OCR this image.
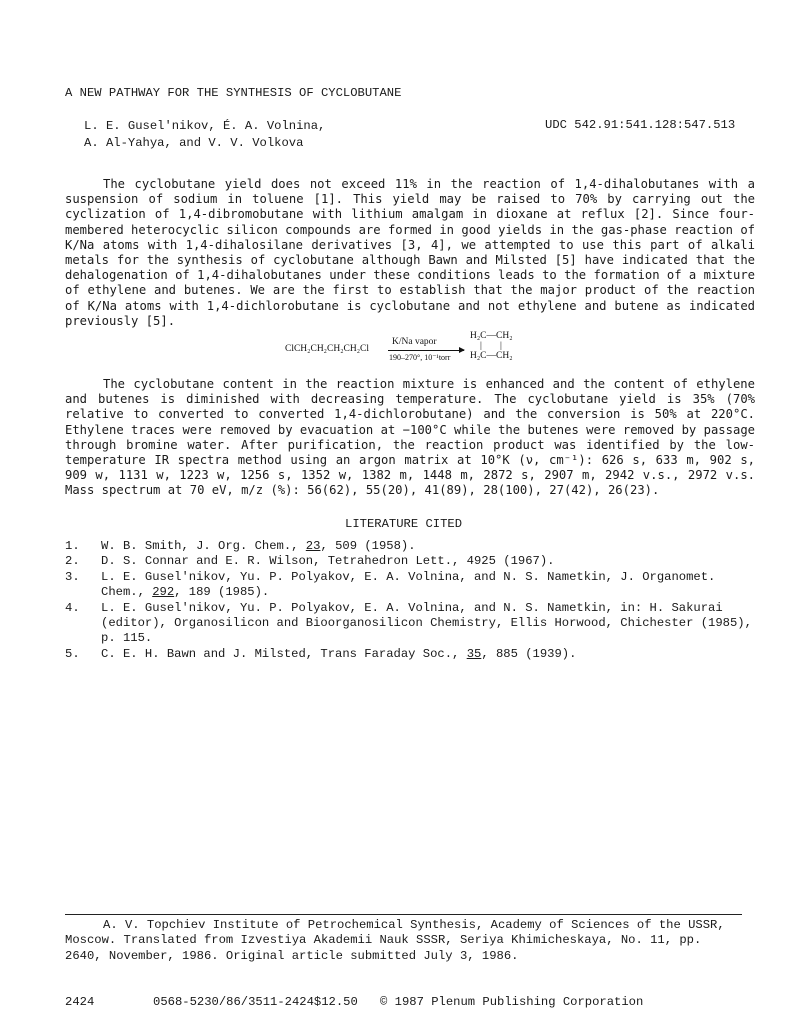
A NEW PATHWAY FOR THE SYNTHESIS OF CYCLOBUTANE
L. E. Gusel'nikov, É. A. Volnina,
A. Al-Yahya, and V. V. Volkova
UDC 542.91:541.128:547.513

The cyclobutane yield does not exceed 11% in the reaction of 1,4-dihalobutanes with a suspension of sodium in toluene [1]. This yield may be raised to 70% by carrying out the cyclization of 1,4-dibromobutane with lithium amalgam in dioxane at reflux [2]. Since four-membered heterocyclic silicon compounds are formed in good yields in the gas-phase reaction of K/Na atoms with 1,4-dihalosilane derivatives [3, 4], we attempted to use this part of alkali metals for the synthesis of cyclobutane although Bawn and Milsted [5] have indicated that the dehalogenation of 1,4-dihalobutanes under these conditions leads to the formation of a mixture of ethylene and butenes. We are the first to establish that the major product of the reaction of K/Na atoms with 1,4-dichlorobutane is cyclobutane and not ethylene and butene as indicated previously [5].

ClCH₂CH₂CH₂CH₂Cl
K/Na vapor
190–270°, 10⁻¹torr
H₂C—CH₂
| |
H₂C—CH₂

The cyclobutane content in the reaction mixture is enhanced and the content of ethylene and butenes is diminished with decreasing temperature. The cyclobutane yield is 35% (70% relative to converted to converted 1,4-dichlorobutane) and the conversion is 50% at 220°C. Ethylene traces were removed by evacuation at −100°C while the butenes were removed by passage through bromine water. After purification, the reaction product was identified by the low-temperature IR spectra method using an argon matrix at 10°K (ν, cm⁻¹): 626 s, 633 m, 902 s, 909 w, 1131 w, 1223 w, 1256 s, 1352 w, 1382 m, 1448 m, 2872 s, 2907 m, 2942 v.s., 2972 v.s. Mass spectrum at 70 eV, m/z (%): 56(62), 55(20), 41(89), 28(100), 27(42), 26(23).

LITERATURE CITED
1. W. B. Smith, J. Org. Chem., 23, 509 (1958).
2. D. S. Connar and E. R. Wilson, Tetrahedron Lett., 4925 (1967).
3. L. E. Gusel'nikov, Yu. P. Polyakov, E. A. Volnina, and N. S. Nametkin, J. Organomet. Chem., 292, 189 (1985).
4. L. E. Gusel'nikov, Yu. P. Polyakov, E. A. Volnina, and N. S. Nametkin, in: H. Sakurai (editor), Organosilicon and Bioorganosilicon Chemistry, Ellis Horwood, Chichester (1985), p. 115.
5. C. E. H. Bawn and J. Milsted, Trans Faraday Soc., 35, 885 (1939).
A. V. Topchiev Institute of Petrochemical Synthesis, Academy of Sciences of the USSR, Moscow. Translated from Izvestiya Akademii Nauk SSSR, Seriya Khimicheskaya, No. 11, pp. 2640, November, 1986. Original article submitted July 3, 1986.
2424	0568-5230/86/3511-2424$12.50 © 1987 Plenum Publishing Corporation
